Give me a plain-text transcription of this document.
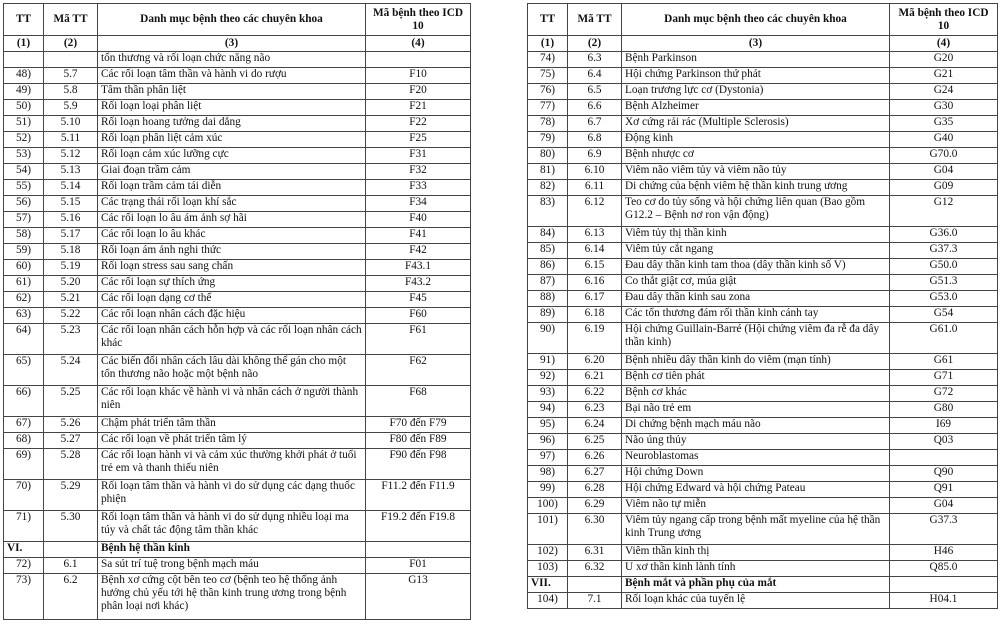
TT	Mã TT	Danh mục bệnh theo các chuyên khoa	Mã bệnh theo ICD 10
(1)	(2)	(3)	(4)
		tổn thương và rối loạn chức năng não	
48)	5.7	Các rối loạn tâm thần và hành vi do rượu	F10
49)	5.8	Tâm thần phân liệt	F20
50)	5.9	Rối loạn loại phân liệt	F21
51)	5.10	Rối loạn hoang tưởng dai dẳng	F22
52)	5.11	Rối loạn phân liệt cảm xúc	F25
53)	5.12	Rối loạn cảm xúc lưỡng cực	F31
54)	5.13	Giai đoạn trầm cảm	F32
55)	5.14	Rối loạn trầm cảm tái diễn	F33
56)	5.15	Các trạng thái rối loạn khí sắc	F34
57)	5.16	Các rối loạn lo âu ám ảnh sợ hãi	F40
58)	5.17	Các rối loạn lo âu khác	F41
59)	5.18	Rối loạn ám ảnh nghi thức	F42
60)	5.19	Rối loạn stress sau sang chấn	F43.1
61)	5.20	Các rối loạn sự thích ứng	F43.2
62)	5.21	Các rối loạn dạng cơ thể	F45
63)	5.22	Các rối loạn nhân cách đặc hiệu	F60
64)	5.23	Các rối loạn nhân cách hỗn hợp và các rối loạn nhân cách khác	F61
65)	5.24	Các biến đổi nhân cách lâu dài không thể gán cho một tổn thương não hoặc một bệnh não	F62
66)	5.25	Các rối loạn khác về hành vi và nhân cách ở người thành niên	F68
67)	5.26	Chậm phát triển tâm thần	F70 đến F79
68)	5.27	Các rối loạn về phát triển tâm lý	F80 đến F89
69)	5.28	Các rối loạn hành vi và cảm xúc thường khởi phát ở tuổi trẻ em và thanh thiếu niên	F90 đến F98
70)	5.29	Rối loạn tâm thần và hành vi do sử dụng các dạng thuốc phiện	F11.2 đến F11.9
71)	5.30	Rối loạn tâm thần và hành vi do sử dụng nhiều loại ma túy và chất tác động tâm thần khác	F19.2 đến F19.8
VI.		Bệnh hệ thần kinh	
72)	6.1	Sa sút trí tuệ trong bệnh mạch máu	F01
73)	6.2	Bệnh xơ cứng cột bên teo cơ (bệnh teo hệ thống ảnh hưởng chủ yếu tới hệ thần kinh trung ương trong bệnh phân loại nơi khác)	G13
TT	Mã TT	Danh mục bệnh theo các chuyên khoa	Mã bệnh theo ICD 10
(1)	(2)	(3)	(4)
74)	6.3	Bệnh Parkinson	G20
75)	6.4	Hội chứng Parkinson thứ phát	G21
76)	6.5	Loạn trương lực cơ (Dystonia)	G24
77)	6.6	Bệnh Alzheimer	G30
78)	6.7	Xơ cứng rải rác (Multiple Sclerosis)	G35
79)	6.8	Động kinh	G40
80)	6.9	Bệnh nhược cơ	G70.0
81)	6.10	Viêm não viêm tủy và viêm não tủy	G04
82)	6.11	Di chứng của bệnh viêm hệ thần kinh trung ương	G09
83)	6.12	Teo cơ do tủy sống và hội chứng liên quan (Bao gồm G12.2 – Bệnh nơ ron vận động)	G12
84)	6.13	Viêm tủy thị thần kinh	G36.0
85)	6.14	Viêm tủy cắt ngang	G37.3
86)	6.15	Đau dây thần kinh tam thoa (dây thần kinh số V)	G50.0
87)	6.16	Co thắt giật cơ, múa giật	G51.3
88)	6.17	Đau dây thần kinh sau zona	G53.0
89)	6.18	Các tổn thương đám rối thần kinh cánh tay	G54
90)	6.19	Hội chứng Guillain-Barré (Hội chứng viêm đa rễ đa dây thần kinh)	G61.0
91)	6.20	Bệnh nhiều dây thần kinh do viêm (mạn tính)	G61
92)	6.21	Bệnh cơ tiên phát	G71
93)	6.22	Bệnh cơ khác	G72
94)	6.23	Bại não trẻ em	G80
95)	6.24	Di chứng bệnh mạch máu não	I69
96)	6.25	Não úng thủy	Q03
97)	6.26	Neuroblastomas	
98)	6.27	Hội chứng Down	Q90
99)	6.28	Hội chứng Edward và hội chứng Pateau	Q91
100)	6.29	Viêm não tự miễn	G04
101)	6.30	Viêm tủy ngang cấp trong bệnh mất myeline của hệ thần kinh Trung ương	G37.3
102)	6.31	Viêm thần kinh thị	H46
103)	6.32	U xơ thần kinh lành tính	Q85.0
VII.		Bệnh mắt và phần phụ của mắt	
104)	7.1	Rối loạn khác của tuyến lệ	H04.1
